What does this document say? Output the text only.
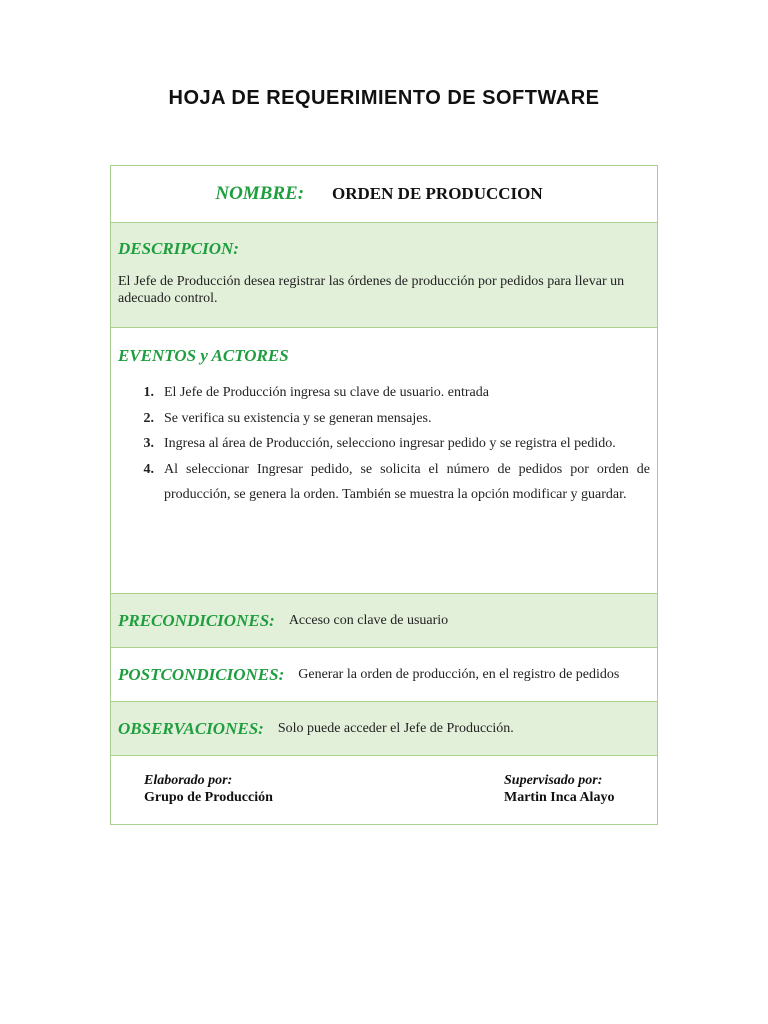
HOJA DE REQUERIMIENTO DE SOFTWARE
NOMBRE: ORDEN DE PRODUCCION
DESCRIPCION:
El Jefe de Producción desea registrar las órdenes de producción por pedidos para llevar un adecuado control.
EVENTOS y ACTORES
1. El Jefe de Producción ingresa su clave de usuario. entrada
2. Se verifica su existencia y se generan mensajes.
3. Ingresa al área de Producción, selecciono ingresar pedido y se registra el pedido.
4. Al seleccionar Ingresar pedido, se solicita el número de pedidos por orden de producción, se genera la orden. También se muestra la opción modificar y guardar.
PRECONDICIONES: Acceso con clave de usuario
POSTCONDICIONES: Generar la orden de producción, en el registro de pedidos
OBSERVACIONES: Solo puede acceder el Jefe de Producción.
Elaborado por:
Grupo de Producción
Supervisado por:
Martin Inca Alayo
